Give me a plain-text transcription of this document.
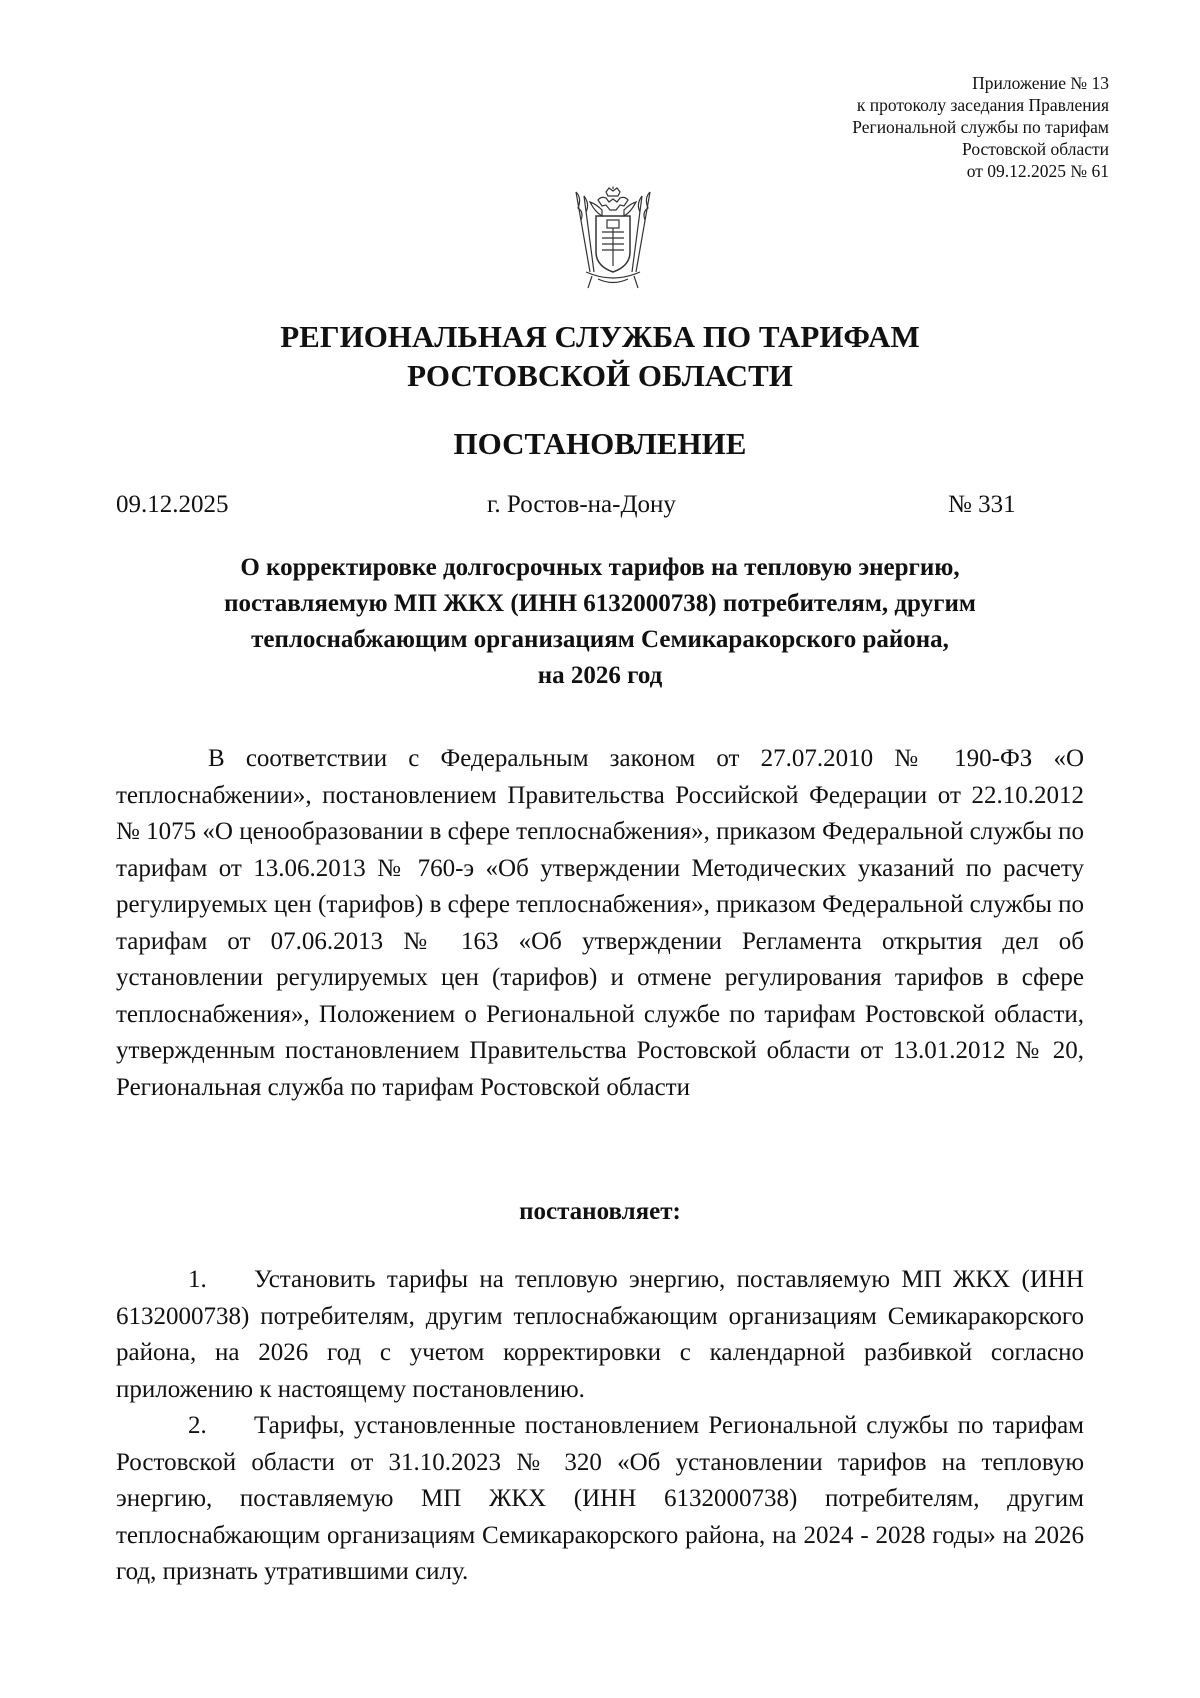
Приложение № 13
к протоколу заседания Правления
Региональной службы по тарифам
Ростовской области
от 09.12.2025 № 61
РЕГИОНАЛЬНАЯ СЛУЖБА ПО ТАРИФАМ
РОСТОВСКОЙ ОБЛАСТИ
ПОСТАНОВЛЕНИЕ
09.12.2025	г. Ростов-на-Дону	№ 331
О корректировке долгосрочных тарифов на тепловую энергию,
поставляемую МП ЖКХ (ИНН 6132000738) потребителям, другим
теплоснабжающим организациям Семикаракорского района,
на 2026 год

В соответствии с Федеральным законом от 27.07.2010 № 190-ФЗ «О теплоснабжении», постановлением Правительства Российской Федерации от 22.10.2012 № 1075 «О ценообразовании в сфере теплоснабжения», приказом Федеральной службы по тарифам от 13.06.2013 № 760-э «Об утверждении Методических указаний по расчету регулируемых цен (тарифов) в сфере теплоснабжения», приказом Федеральной службы по тарифам от 07.06.2013 № 163 «Об утверждении Регламента открытия дел об установлении регулируемых цен (тарифов) и отмене регулирования тарифов в сфере теплоснабжения», Положением о Региональной службе по тарифам Ростовской области, утвержденным постановлением Правительства Ростовской области от 13.01.2012 № 20, Региональная служба по тарифам Ростовской области

постановляет:
1. Установить тарифы на тепловую энергию, поставляемую МП ЖКХ (ИНН 6132000738) потребителям, другим теплоснабжающим организациям Семикаракорского района, на 2026 год с учетом корректировки с календарной разбивкой согласно приложению к настоящему постановлению.
2. Тарифы, установленные постановлением Региональной службы по тарифам Ростовской области от 31.10.2023 № 320 «Об установлении тарифов на тепловую энергию, поставляемую МП ЖКХ (ИНН 6132000738) потребителям, другим теплоснабжающим организациям Семикаракорского района, на 2024 - 2028 годы» на 2026 год, признать утратившими силу.
